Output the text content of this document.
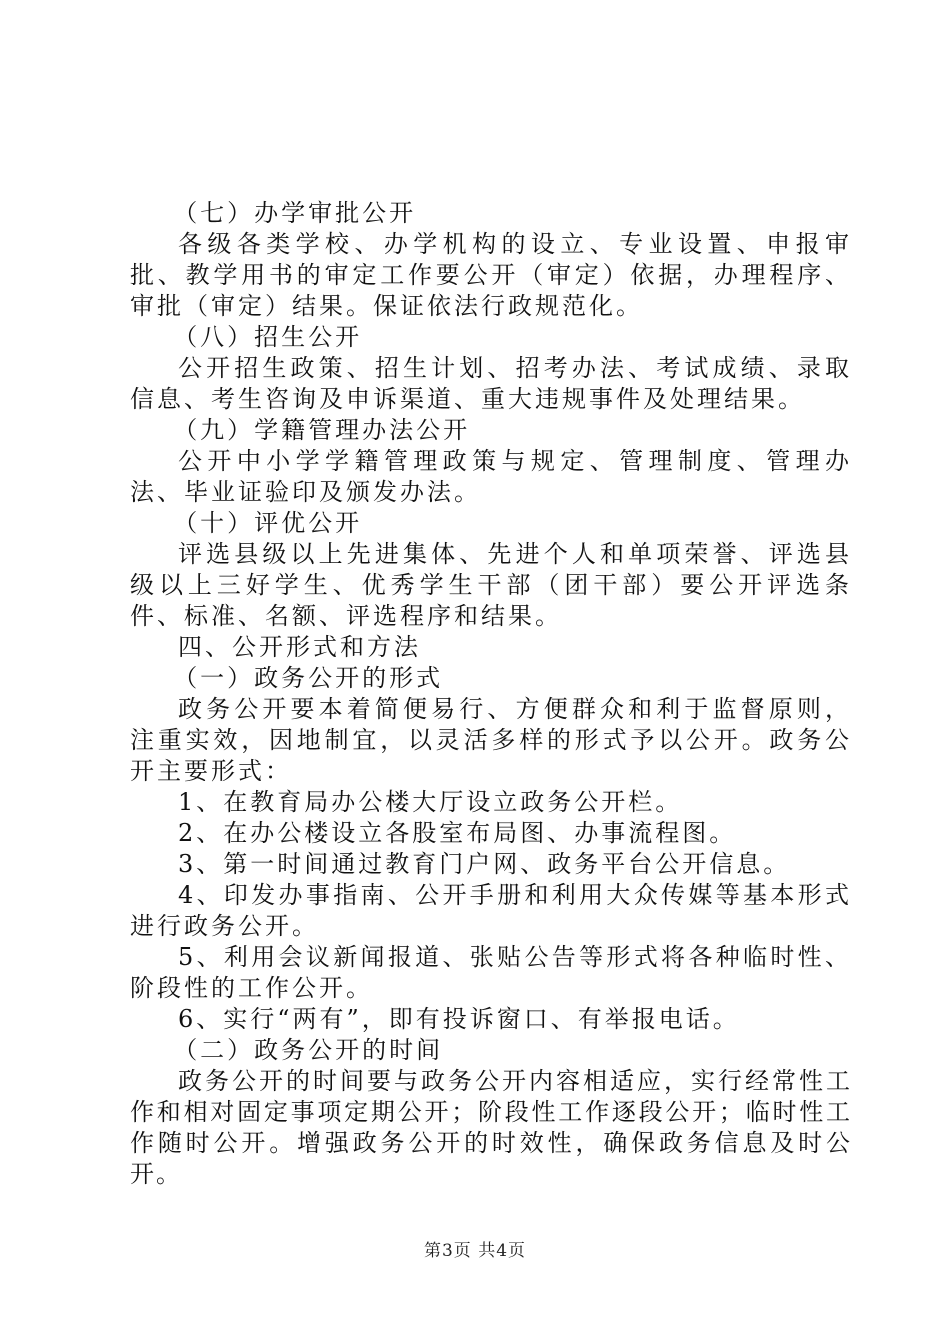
（七）办学审批公开

各级各类学校、办学机构的设立、专业设置、申报审批、教学用书的审定工作要公开（审定）依据，办理程序、审批（审定）结果。保证依法行政规范化。

（八）招生公开

公开招生政策、招生计划、招考办法、考试成绩、录取信息、考生咨询及申诉渠道、重大违规事件及处理结果。

（九）学籍管理办法公开

公开中小学学籍管理政策与规定、管理制度、管理办法、毕业证验印及颁发办法。

（十）评优公开

评选县级以上先进集体、先进个人和单项荣誉、评选县级以上三好学生、优秀学生干部（团干部）要公开评选条件、标准、名额、评选程序和结果。

四、公开形式和方法

（一）政务公开的形式

政务公开要本着简便易行、方便群众和利于监督原则，注重实效，因地制宜，以灵活多样的形式予以公开。政务公开主要形式：

1、在教育局办公楼大厅设立政务公开栏。

2、在办公楼设立各股室布局图、办事流程图。

3、第一时间通过教育门户网、政务平台公开信息。

4、印发办事指南、公开手册和利用大众传媒等基本形式进行政务公开。

5、利用会议新闻报道、张贴公告等形式将各种临时性、阶段性的工作公开。

6、实行“两有”，即有投诉窗口、有举报电话。

（二）政务公开的时间

政务公开的时间要与政务公开内容相适应，实行经常性工作和相对固定事项定期公开；阶段性工作逐段公开；临时性工作随时公开。增强政务公开的时效性，确保政务信息及时公开。

第3页 共4页
